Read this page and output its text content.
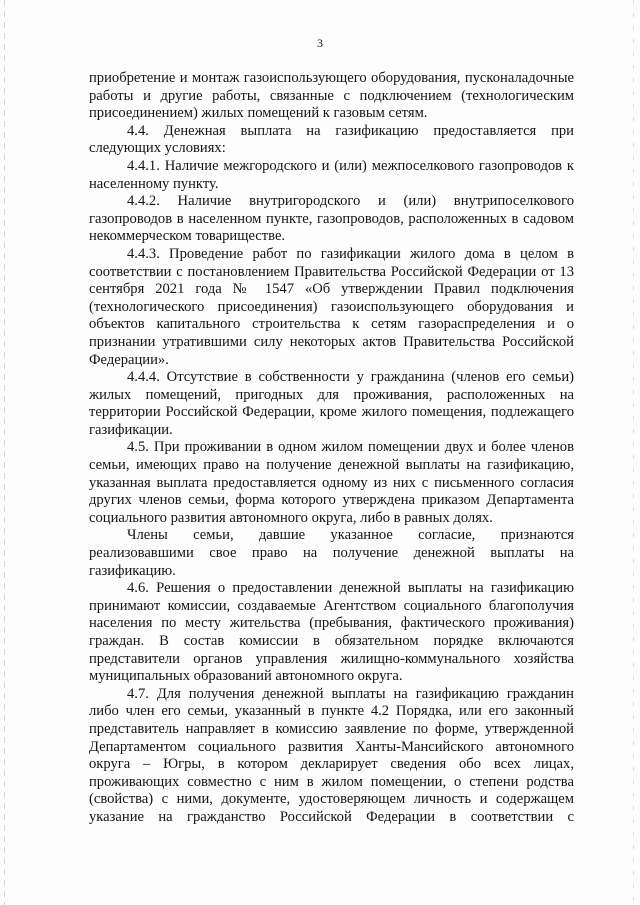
3

приобретение и монтаж газоиспользующего оборудования, пусконаладочные работы и другие работы, связанные с подключением (технологическим присоединением) жилых помещений к газовым сетям.

4.4. Денежная выплата на газификацию предоставляется при следующих условиях:

4.4.1. Наличие межгородского и (или) межпоселкового газопроводов к населенному пункту.

4.4.2. Наличие внутригородского и (или) внутрипоселкового газопроводов в населенном пункте, газопроводов, расположенных в садовом некоммерческом товариществе.

4.4.3. Проведение работ по газификации жилого дома в целом в соответствии с постановлением Правительства Российской Федерации от 13 сентября 2021 года № 1547 «Об утверждении Правил подключения (технологического присоединения) газоиспользующего оборудования и объектов капитального строительства к сетям газораспределения и о признании утратившими силу некоторых актов Правительства Российской Федерации».

4.4.4. Отсутствие в собственности у гражданина (членов его семьи) жилых помещений, пригодных для проживания, расположенных на территории Российской Федерации, кроме жилого помещения, подлежащего газификации.

4.5. При проживании в одном жилом помещении двух и более членов семьи, имеющих право на получение денежной выплаты на газификацию, указанная выплата предоставляется одному из них с письменного согласия других членов семьи, форма которого утверждена приказом Департамента социального развития автономного округа, либо в равных долях.

Члены семьи, давшие указанное согласие, признаются реализовавшими свое право на получение денежной выплаты на газификацию.

4.6. Решения о предоставлении денежной выплаты на газификацию принимают комиссии, создаваемые Агентством социального благополучия населения по месту жительства (пребывания, фактического проживания) граждан. В состав комиссии в обязательном порядке включаются представители органов управления жилищно-коммунального хозяйства муниципальных образований автономного округа.

4.7. Для получения денежной выплаты на газификацию гражданин либо член его семьи, указанный в пункте 4.2 Порядка, или его законный представитель направляет в комиссию заявление по форме, утвержденной Департаментом социального развития Ханты-Мансийского автономного округа – Югры, в котором декларирует сведения обо всех лицах, проживающих совместно с ним в жилом помещении, о степени родства (свойства) с ними, документе, удостоверяющем личность и содержащем указание на гражданство Российской Федерации в соответствии с
